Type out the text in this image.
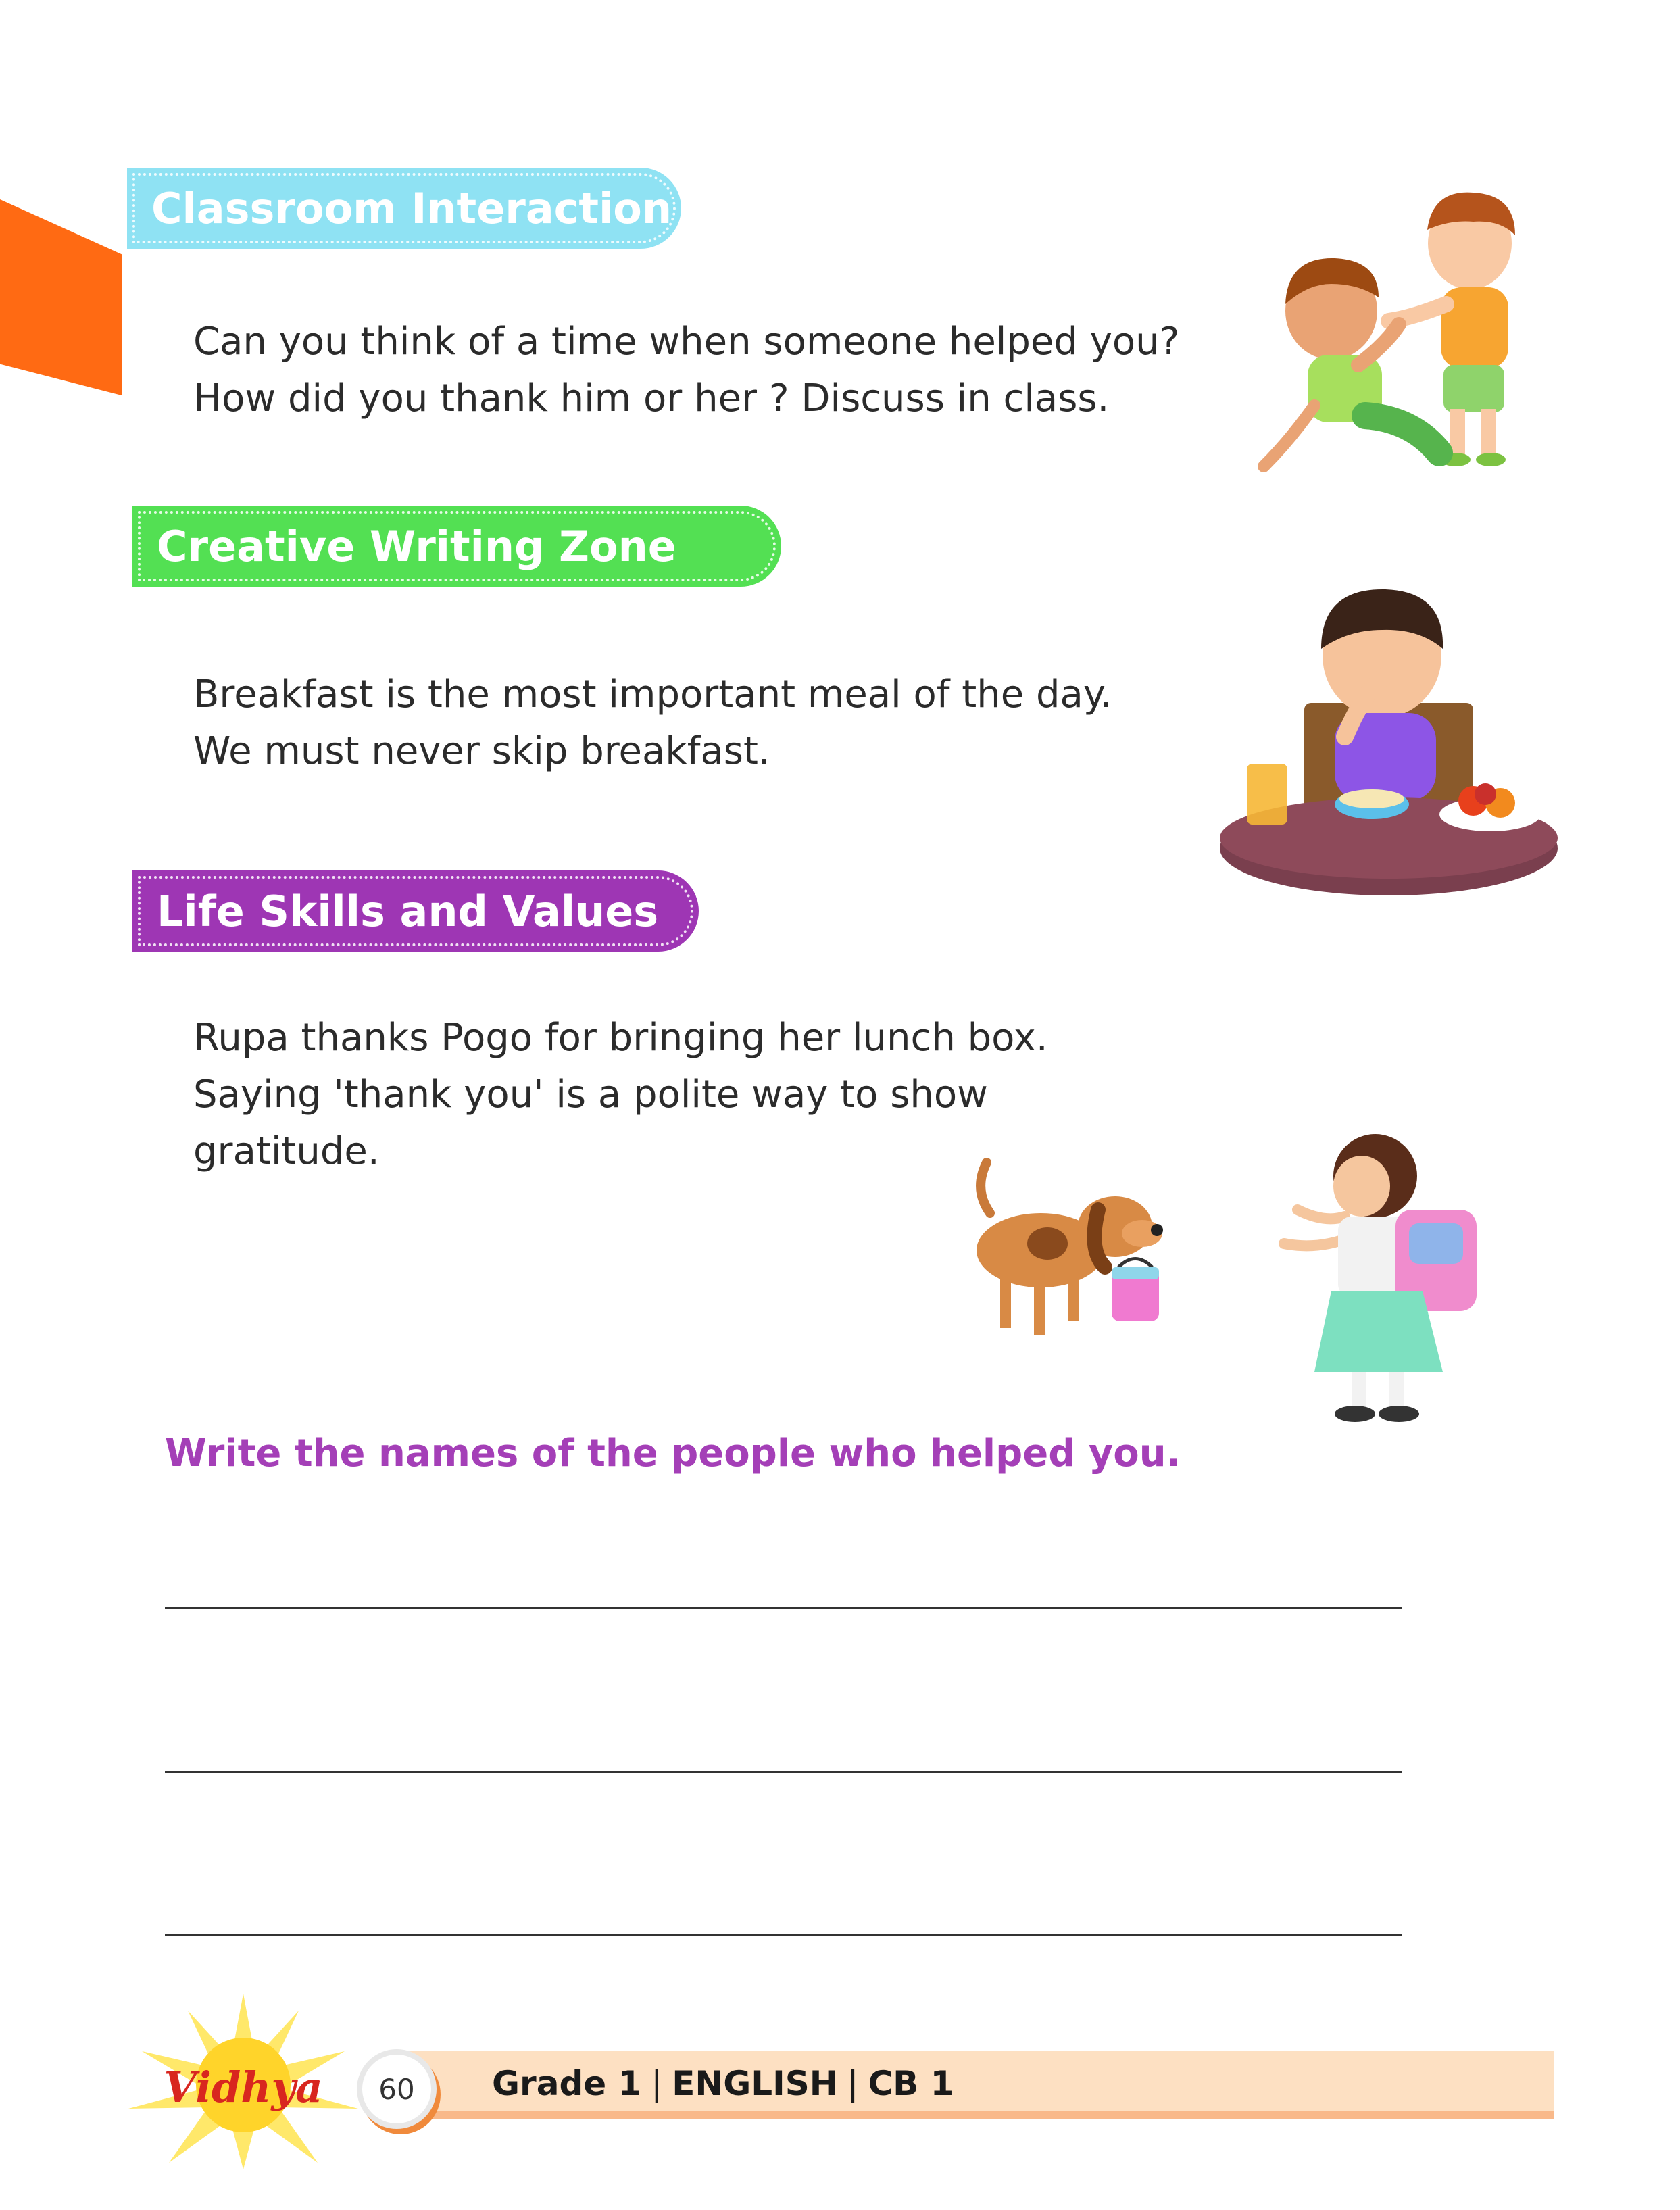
Classroom Interaction
Can you think of a time when someone helped you?
How did you thank him or her ? Discuss in class.
Creative Writing Zone
Breakfast is the most important meal of the day.
We must never skip breakfast.
Life Skills and Values
Rupa thanks Pogo for bringing her lunch box.
Saying 'thank you' is a polite way to show
gratitude.
Write the names of the people who helped you.
Grade 1 | ENGLISH | CB 1
60
Vidhya
